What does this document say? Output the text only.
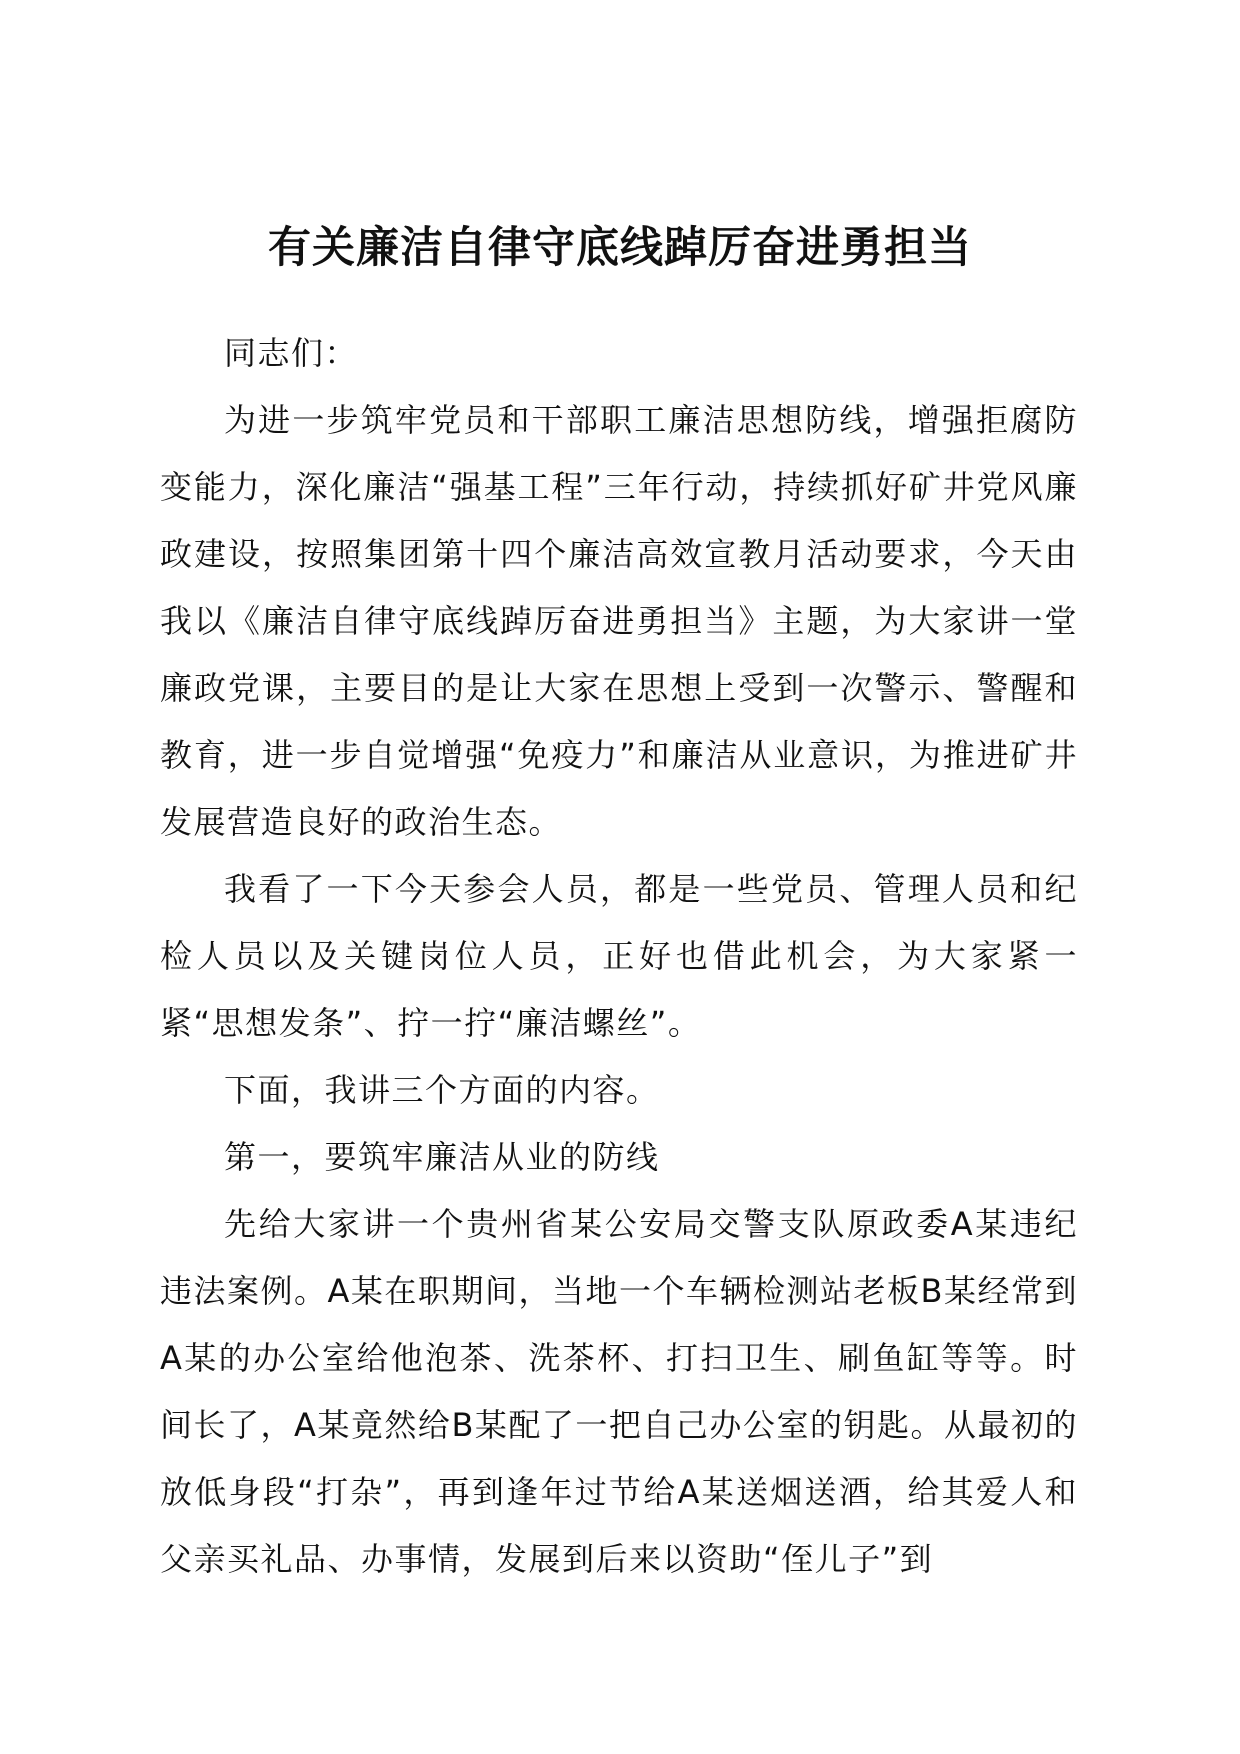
有关廉洁自律守底线踔厉奋进勇担当

同志们：

为进一步筑牢党员和干部职工廉洁思想防线，增强拒腐防变能力，深化廉洁“强基工程”三年行动，持续抓好矿井党风廉政建设，按照集团第十四个廉洁高效宣教月活动要求，今天由我以《廉洁自律守底线踔厉奋进勇担当》主题，为大家讲一堂廉政党课，主要目的是让大家在思想上受到一次警示、警醒和教育，进一步自觉增强“免疫力”和廉洁从业意识，为推进矿井发展营造良好的政治生态。

我看了一下今天参会人员，都是一些党员、管理人员和纪检人员以及关键岗位人员，正好也借此机会，为大家紧一紧“思想发条”、拧一拧“廉洁螺丝”。

下面，我讲三个方面的内容。

第一，要筑牢廉洁从业的防线

先给大家讲一个贵州省某公安局交警支队原政委A某违纪违法案例。A某在职期间，当地一个车辆检测站老板B某经常到A某的办公室给他泡茶、洗茶杯、打扫卫生、刷鱼缸等等。时间长了，A某竟然给B某配了一把自己办公室的钥匙。从最初的放低身段“打杂”，再到逢年过节给A某送烟送酒，给其爱人和父亲买礼品、办事情，发展到后来以资助“侄儿子”到
